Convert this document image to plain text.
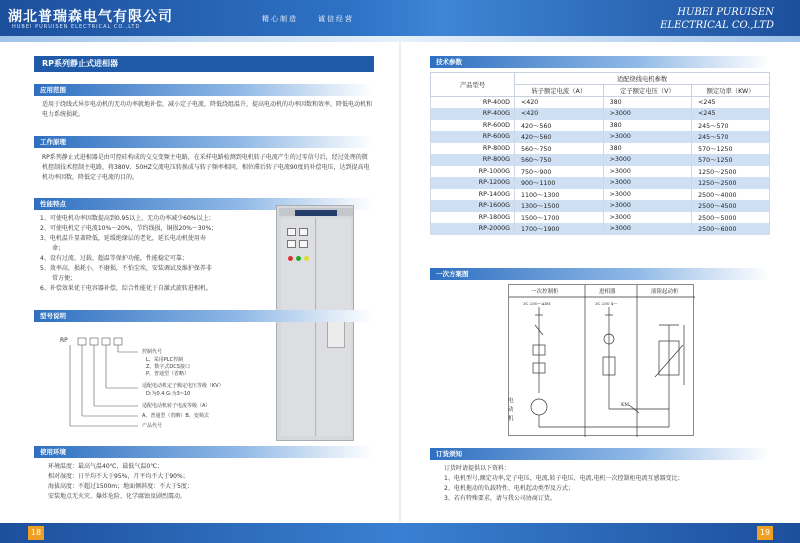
湖北普瑞森电气有限公司
HUBEI PURUISEN ELECTRICAL CO.,LTD
精心制造	诚信经营
HUBEI PURUISEN
ELECTRICAL CO.,LTD
RP系列静止式进相器
应用范围
适用于绕线式异步电动机的无功功率就地补偿，减小定子电流，降低绕组温升，提高电动机的功率因数和效率，降低电动机和电力系统损耗。
工作原理
RP系列静止式进相器是由可控硅构成的交交变频主电路，在采样电路检测到电机转子电流产生的过零信号后，经过处理的微机控制技术控制主电路，将380V、50HZ交流电压转换成与转子频率相同，相位滞后转子电流90度的补偿电压，达到提高电机功率因数，降低定子电流的目的。
性能特点
1、可使电机功率因数提高到0.95以上，无功功率减少60%以上；
2、可使电机定子电流10%～20%，节约线损，铜损20%～30%；
3、电机温升显著降低，延缓绝缘层的老化，延长电动机使用寿
命；
4、设有过流、过载、超温等保护功能，性能稳定可靠；
5、效率高，损耗小，不磨损，不怕尘埃，安装调试及维护保养非
常方便；
6、补偿效果优于电容器补偿，综合性能优于自激式旋转进相机。
型号说明
RP
控制代号
L、采用PLC控制
Z、数字式DCS接口
P、普通型（省略）
适配电动机定子额定电压等级（KV）
D:为0.4 G:为3~10
适配电动机转子电流等级（A）
A、普通型（省略）B、变频式
产品代号
使用环境
环境温度：最高气温40℃，最低气温0℃；
相对湿度：日平均不大于95%，月平均不大于90%；
海拔高度：不超过1500m；地面倾斜度：不大于5度；
安装地点无火灾、爆炸危险、化学腐蚀及剧烈震动。
技术参数
产品型号	适配绕线电机参数		
	转子额定电流（A）	定子额定电压（V）	额定功率（KW）
RP-400D	<420	380	<245
RP-400G	<420	>3000	<245
RP-600D	420～560	380	245～570
RP-600G	420～560	>3000	245～570
RP-800D	560～750	380	570～1250
RP-800G	560～750	>3000	570～1250
RP-1000G	750～900	>3000	1250～2500
RP-1200G	900～1100	>3000	1250～2500
RP-1400G	1100～1300	>3000	2500～4000
RP-1600G	1300～1500	>3000	2500～4500
RP-1800G	1500～1700	>3000	2500～5000
RP-2000G	1700～1900	>3000	2500～6000
一次方案图
一次控制柜	进相器	液阻起动柜
3C 250～AIM	3C 250 4～
KM
电动机
订货须知
订货时请提供以下资料：
1、电机型号,额定功率,定子电压、电流,转子电压、电流,电机一次控制柜电流互感器变比；
2、电机拖动的负载特性、电机起动类型及方式；
3、若有特殊要求，请与我公司协商订货。
18	19
